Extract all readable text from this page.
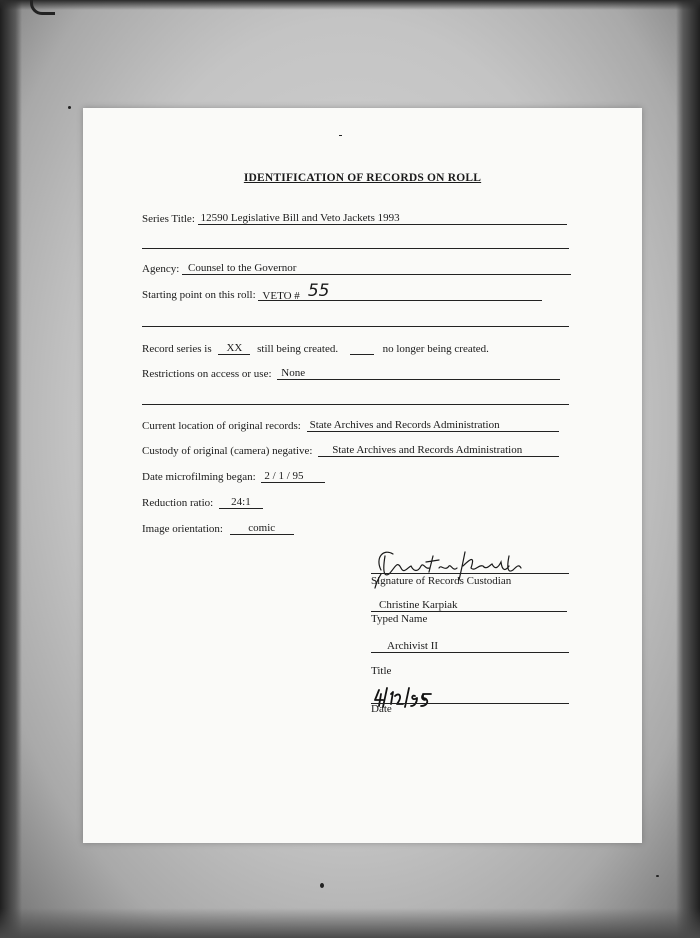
IDENTIFICATION OF RECORDS ON ROLL
Series Title: 12590 Legislative Bill and Veto Jackets 1993
Agency: Counsel to the Governor
Starting point on this roll: VETO # 55
Record series is XX still being created.	no longer being created.
Restrictions on access or use: None
Current location of original records: State Archives and Records Administration
Custody of original (camera) negative: State Archives and Records Administration
Date microfilming began: 2 / 1 / 95
Reduction ratio: 24:1
Image orientation: comic
Signature of Records Custodian
Christine Karpiak
Typed Name
Archivist II
Title
Date
